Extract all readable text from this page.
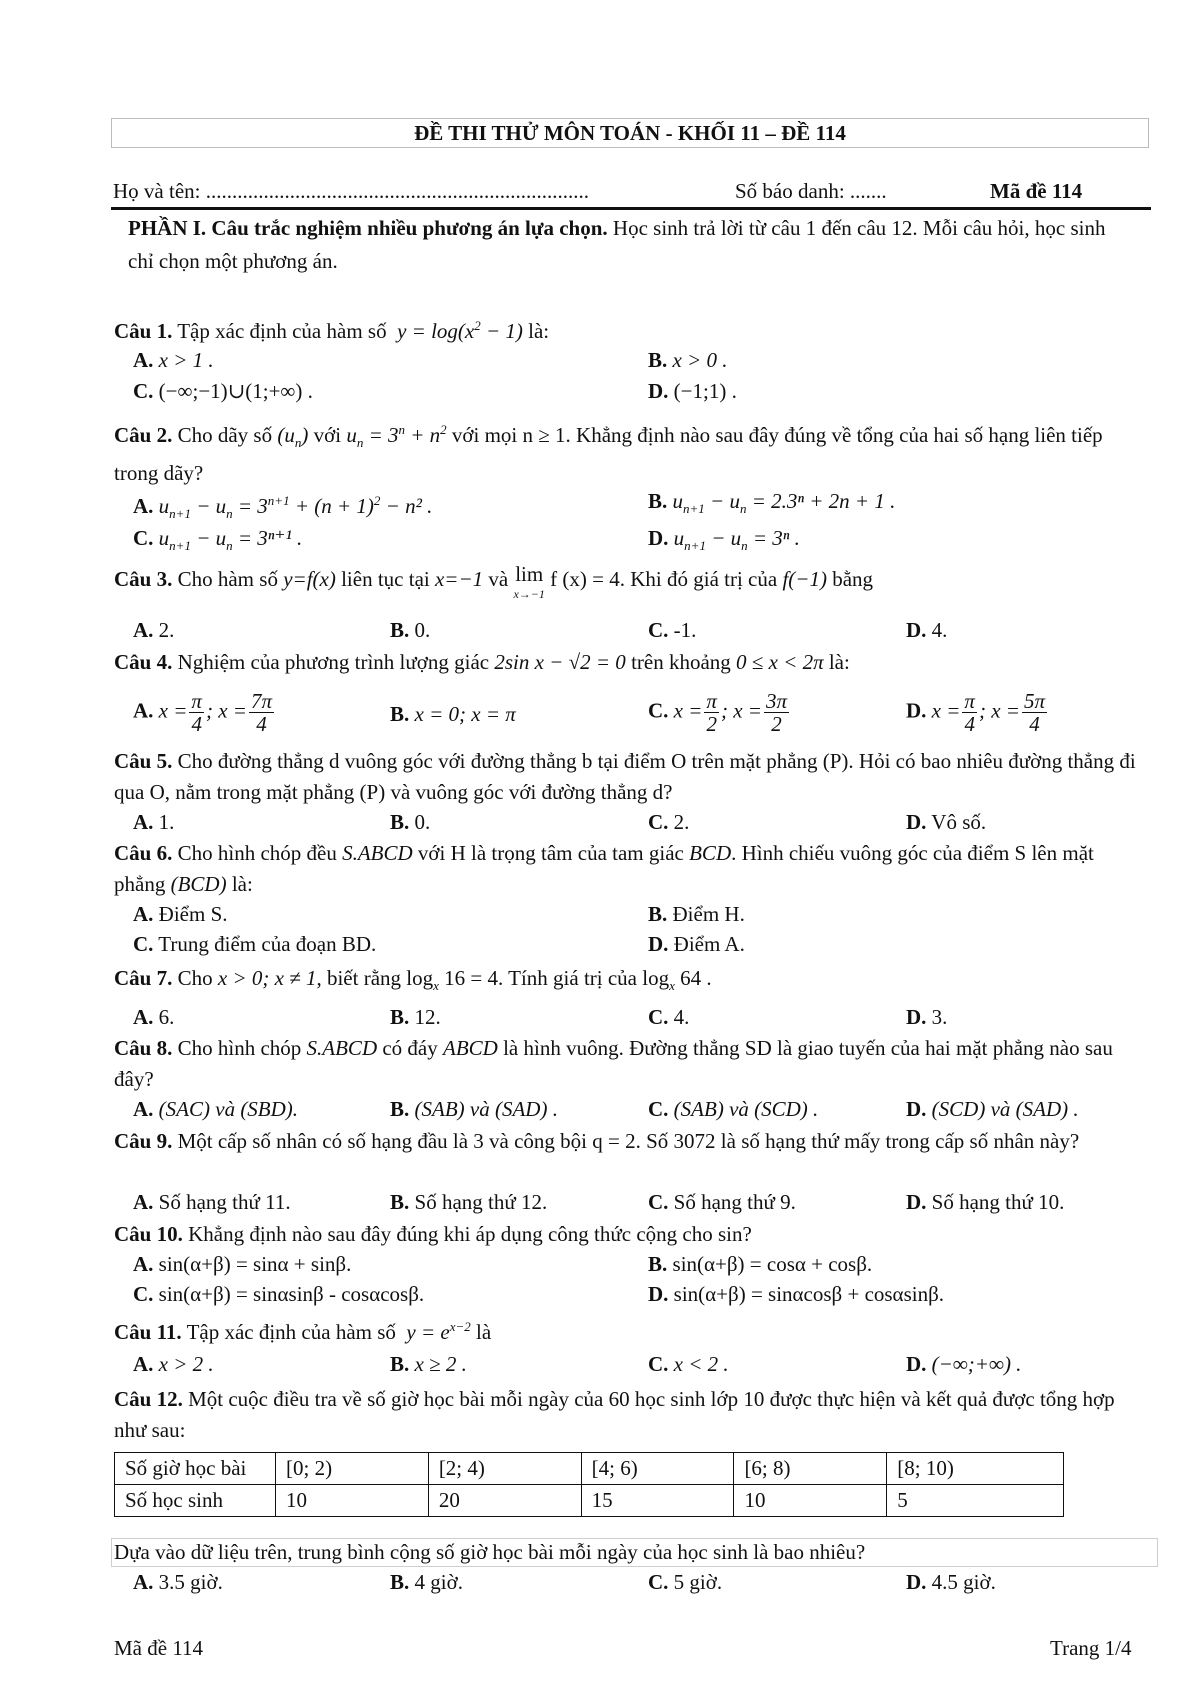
ĐỀ THI THỬ MÔN TOÁN - KHỐI 11 – ĐỀ 114
Họ và tên: .........................................................................	Số báo danh: .......	Mã đề 114
PHẦN I. Câu trắc nghiệm nhiều phương án lựa chọn. Học sinh trả lời từ câu 1 đến câu 12. Mỗi câu hỏi, học sinh chỉ chọn một phương án.
Câu 1. Tập xác định của hàm số  $y = \log(x^2 - 1)$ là:
A. x > 1 .	B. x > 0 .
C. (−∞;−1)∪(1;+∞) .	D. (−1;1) .
Câu 2. Cho dãy số $(u_n)$ với $u_n = 3^n + n^2$ với mọi n ≥ 1. Khẳng định nào sau đây đúng về tổng của hai số hạng liên tiếp trong dãy?
A. $u_{n+1} - u_n = 3^{n+1} + (n + 1)^2 - n^2$ .	B. $u_{n+1} - u_n = 2.3^n + 2n + 1$ .
C. $u_{n+1} - u_n = 3^{n+1}$ .	D. $u_{n+1} - u_n = 3^n$ .
Câu 3. Cho hàm số y=f(x) liên tục tại x=−1 và lim
x→−1
f (x) = 4. Khi đó giá trị của f(−1) bằng
A. 2.	B. 0.	C. -1.	D. 4.
Câu 4. Nghiệm của phương trình lượng giác 2sin x − √2 = 0 trên khoảng 0 ≤ x < 2π là:
A. $x = \frac{\pi}{4}$ ; $x = \frac{7\pi}{4}$	B. x = 0; x = π	C. $x = \frac{\pi}{2}$ ; $x = \frac{3\pi}{2}$	D. $x = \frac{\pi}{4}$ ; $x = \frac{5\pi}{4}$
Câu 5. Cho đường thẳng d vuông góc với đường thẳng b tại điểm O trên mặt phẳng (P). Hỏi có bao nhiêu đường thẳng đi qua O, nằm trong mặt phẳng (P) và vuông góc với đường thẳng d?
A. 1.	B. 0.	C. 2.	D. Vô số.
Câu 6. Cho hình chóp đều S.ABCD với H là trọng tâm của tam giác BCD. Hình chiếu vuông góc của điểm S lên mặt phẳng (BCD) là:
A. Điểm S.	B. Điểm H.
C. Trung điểm của đoạn BD.	D. Điểm A.
Câu 7. Cho x > 0; x ≠ 1, biết rằng $\log_x 16 = 4$. Tính giá trị của $\log_x 64$ .
A. 6.	B. 12.	C. 4.	D. 3.
Câu 8. Cho hình chóp S.ABCD có đáy ABCD là hình vuông. Đường thẳng SD là giao tuyến của hai mặt phẳng nào sau đây?
A. (SAC) và (SBD).	B. (SAB) và (SAD) .	C. (SAB) và (SCD) .	D. (SCD) và (SAD) .
Câu 9. Một cấp số nhân có số hạng đầu là 3 và công bội q = 2. Số 3072 là số hạng thứ mấy trong cấp số nhân này?
A. Số hạng thứ 11.	B. Số hạng thứ 12.	C. Số hạng thứ 9.	D. Số hạng thứ 10.
Câu 10. Khẳng định nào sau đây đúng khi áp dụng công thức cộng cho sin?
A. sin(α+β) = sinα + sinβ.	B. sin(α+β) = cosα + cosβ.
C. sin(α+β) = sinαsinβ - cosαcosβ.	D. sin(α+β) = sinαcosβ + cosαsinβ.
Câu 11. Tập xác định của hàm số  $y = e^{x-2}$ là
A. x > 2 .	B. x ≥ 2 .	C. x < 2 .	D. (−∞;+∞) .
Câu 12. Một cuộc điều tra về số giờ học bài mỗi ngày của 60 học sinh lớp 10 được thực hiện và kết quả được tổng hợp như sau:
Số giờ học bài	[0; 2)	[2; 4)	[4; 6)	[6; 8)	[8; 10)
Số học sinh	10	20	15	10	5
Dựa vào dữ liệu trên, trung bình cộng số giờ học bài mỗi ngày của học sinh là bao nhiêu?
A. 3.5 giờ.	B. 4 giờ.	C. 5 giờ.	D. 4.5 giờ.
Mã đề 114	Trang 1/4
